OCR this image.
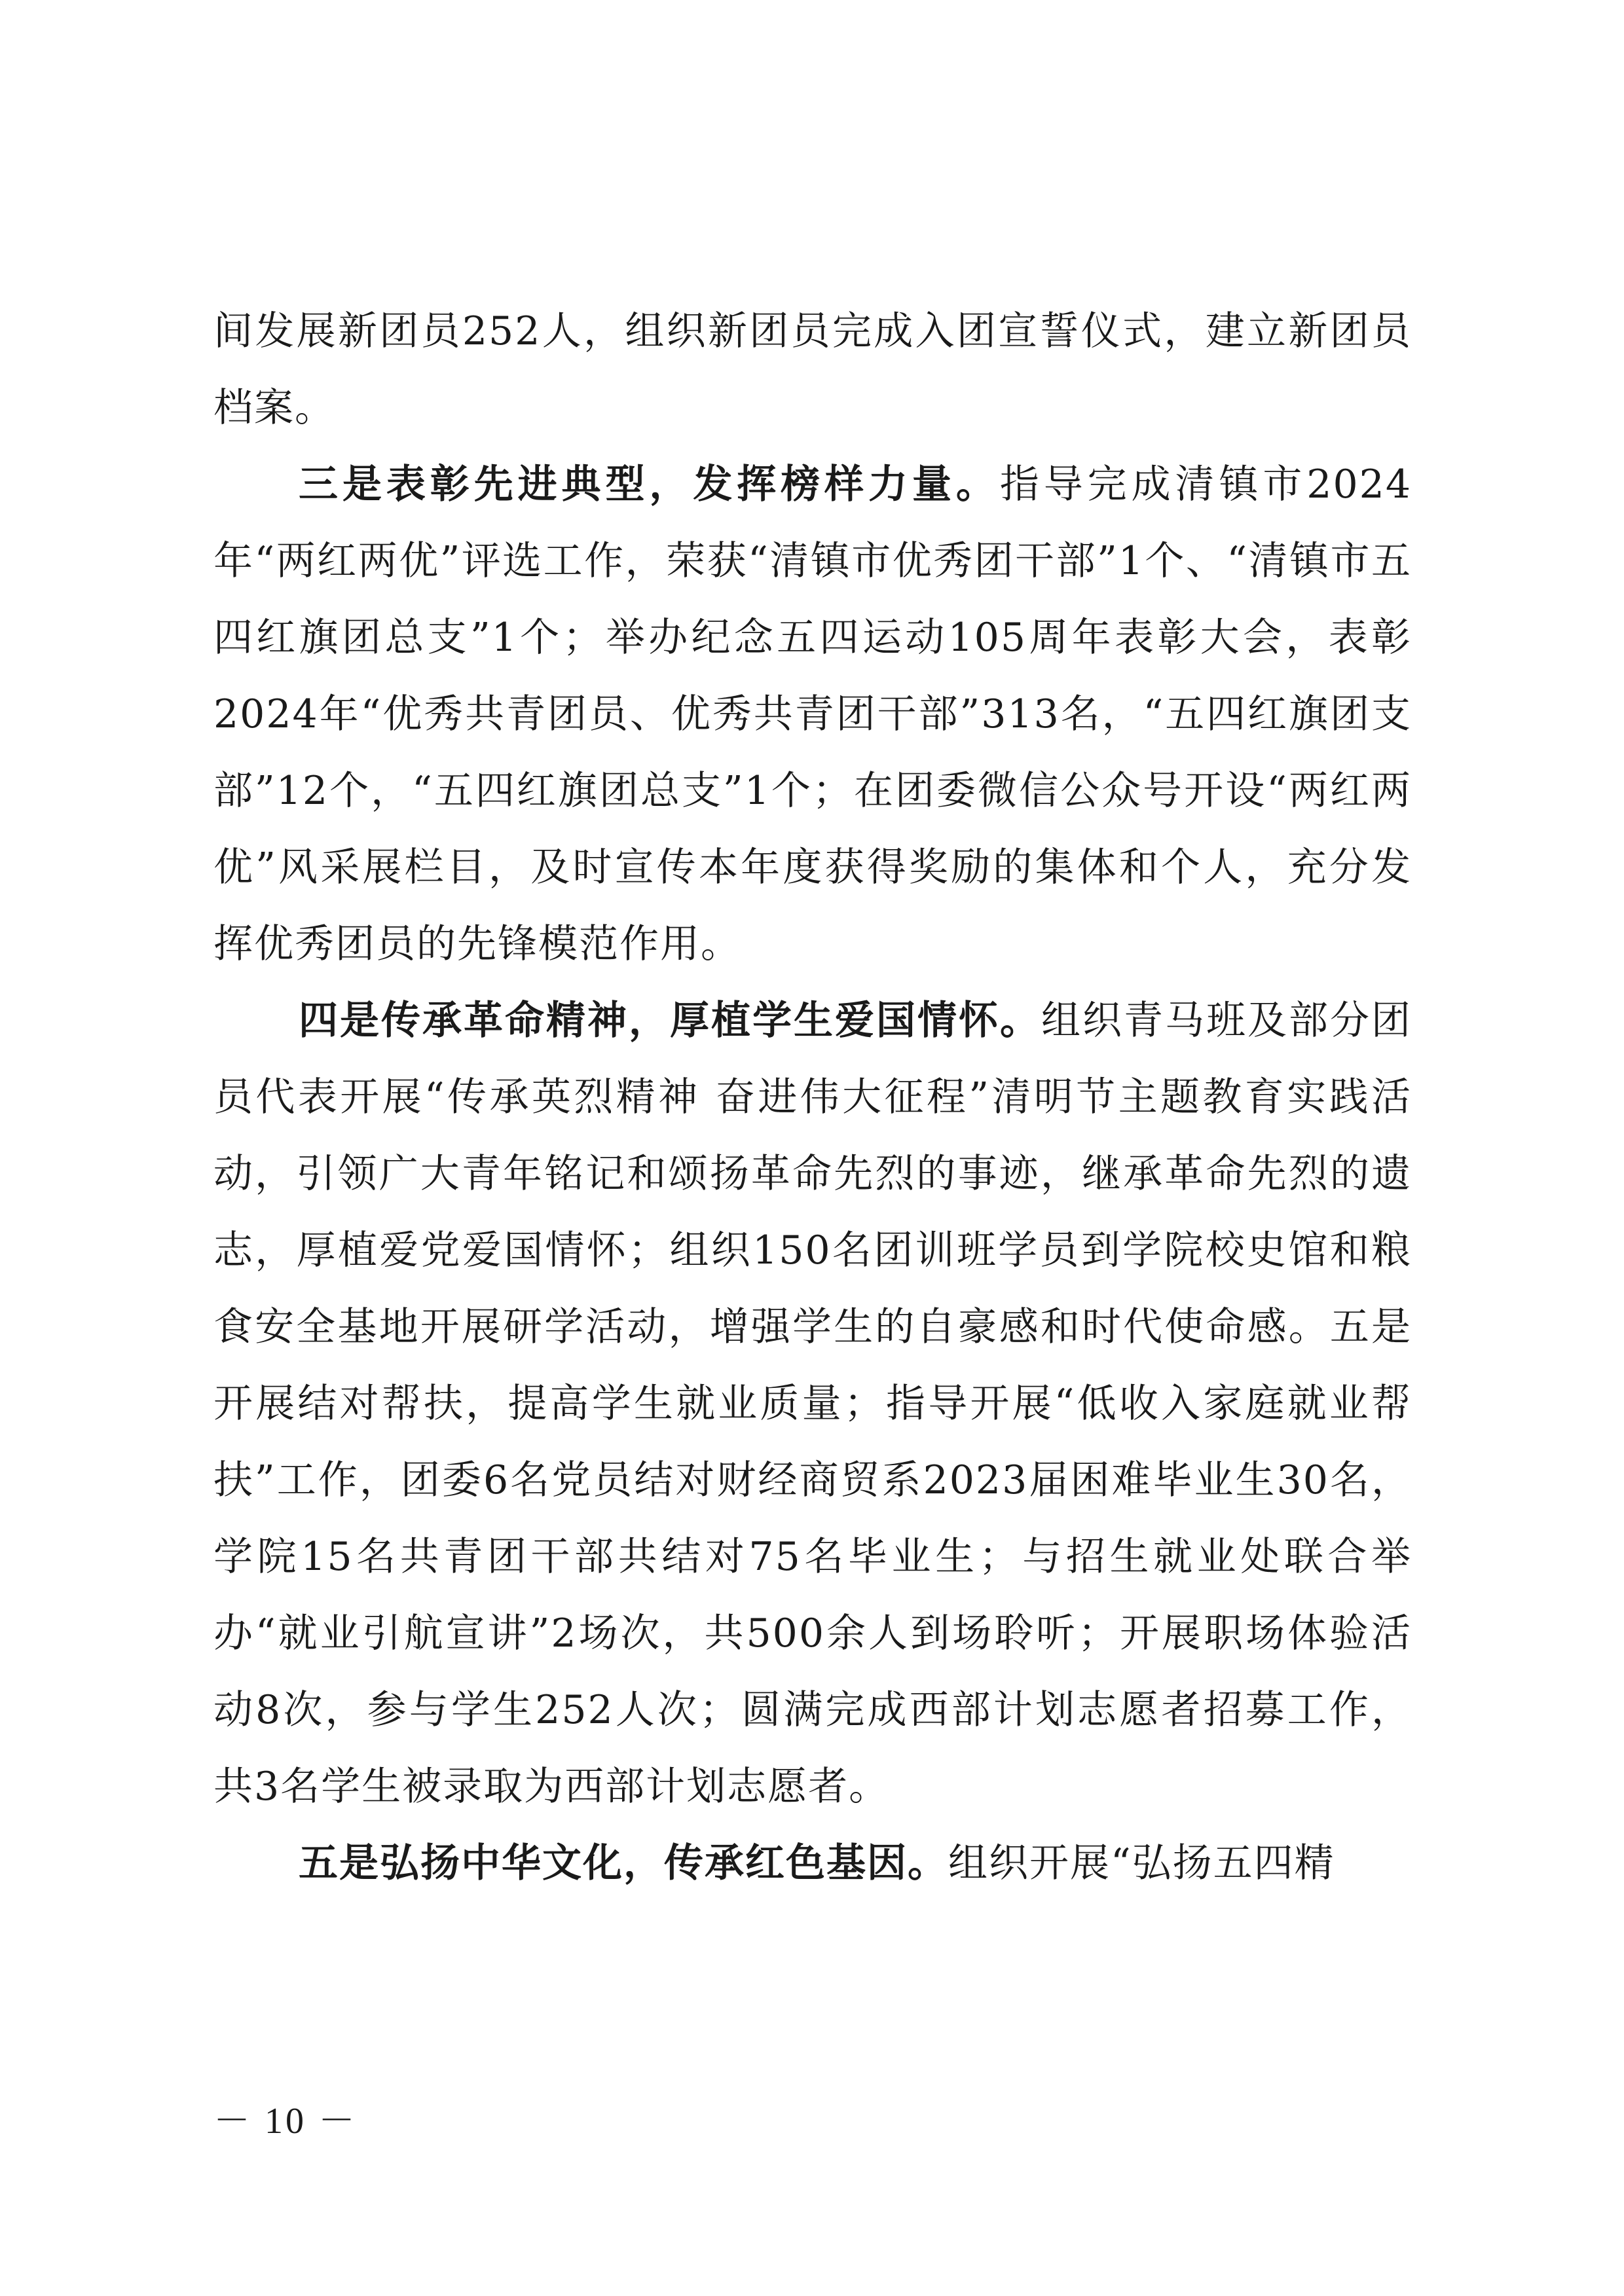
间发展新团员252人，组织新团员完成入团宣誓仪式，建立新团员档案。

三是表彰先进典型，发挥榜样力量。指导完成清镇市2024年“两红两优”评选工作，荣获“清镇市优秀团干部”1个、“清镇市五四红旗团总支”1个；举办纪念五四运动105周年表彰大会，表彰2024年“优秀共青团员、优秀共青团干部”313名，“五四红旗团支部”12个，“五四红旗团总支”1个；在团委微信公众号开设“两红两优”风采展栏目，及时宣传本年度获得奖励的集体和个人，充分发挥优秀团员的先锋模范作用。

四是传承革命精神，厚植学生爱国情怀。组织青马班及部分团员代表开展“传承英烈精神 奋进伟大征程”清明节主题教育实践活动，引领广大青年铭记和颂扬革命先烈的事迹，继承革命先烈的遗志，厚植爱党爱国情怀；组织150名团训班学员到学院校史馆和粮食安全基地开展研学活动，增强学生的自豪感和时代使命感。五是开展结对帮扶，提高学生就业质量；指导开展“低收入家庭就业帮扶”工作，团委6名党员结对财经商贸系2023届困难毕业生30名，学院15名共青团干部共结对75名毕业生；与招生就业处联合举办“就业引航宣讲”2场次，共500余人到场聆听；开展职场体验活动8次，参与学生252人次；圆满完成西部计划志愿者招募工作，共3名学生被录取为西部计划志愿者。

五是弘扬中华文化，传承红色基因。组织开展“弘扬五四精

－ 10 －
